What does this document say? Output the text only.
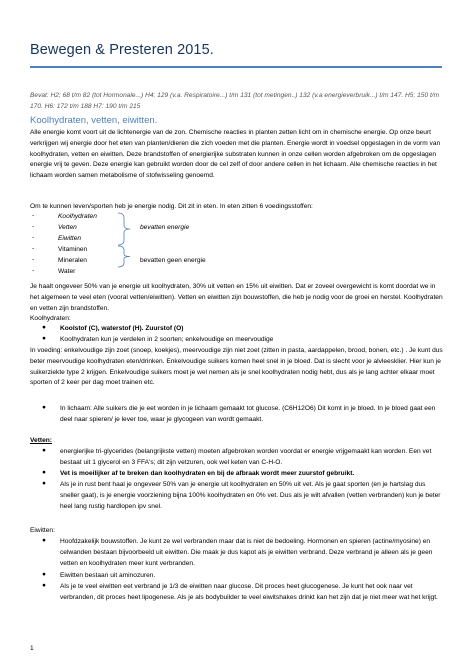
Bewegen & Presteren 2015.
Bevat: H2; 68 t/m 82 (tot Hormonale...) H4; 129 (v.a. Respiratoire...) t/m 131 (tot metingen..) 132 (v.a energieverbruik...) t/m 147. H5; 150 t/m 170. H6: 172 t/m 188 H7: 190 t/m 215
Koolhydraten, vetten, eiwitten.
Alle energie komt voort uit de lichtenergie van de zon. Chemische reacties in planten zetten licht om in chemische energie. Op onze beurt verkrijgen wij energie door het eten van planten/dieren die zich voeden met die planten. Energie wordt in voedsel opgeslagen in de vorm van koolhydraten, vetten en eiwitten. Deze brandstoffen of energierijke substraten kunnen in onze cellen worden afgebroken om de opgeslagen energie vrij te geven. Deze energie kan gebruikt worden door de cel zelf of door andere cellen in het lichaam. Alle chemische reacties in het lichaam worden samen metabolisme of stofwisseling genoemd.
Om te kunnen leven/sporten heb je energie nodig. Dit zit in eten. In eten zitten 6 voedingsstoffen:
-	Koolhydraten
-	Vetten
-	Eiwitten
-	Vitaminen
-	Mineralen
-	Water
bevatten energie
bevatten geen energie
Je haalt ongeveer 50% van je energie uit koolhydraten, 30% uit vetten en 15% uit eiwitten. Dat er zoveel overgewicht is komt doordat we in het algemeen te veel eten (vooral vetten/eiwitten). Vetten en eiwitten zijn bouwstoffen, die heb je nodig voor de groei en herstel. Koolhydraten en vetten zijn brandstoffen.
Koolhydraten:
● Koolstof (C), waterstof (H). Zuurstof (O)
● Koolhydraten kun je verdelen in 2 soorten; enkelvoudige en meervoudige
In voeding: enkelvoudige zijn zoet (snoep, koekjes), meervoudige zijn niet zoet (zitten in pasta, aardappelen, brood, bonen, etc.) . Je kunt dus beter meervoudige koolhydraten eten/drinken. Enkelvoudige suikers komen heel snel in je bloed. Dat is slecht voor je alvleesklier. Hier kun je suikerziekte type 2 krijgen. Enkelvoudige suikers moet je wel nemen als je snel koolhydraten nodig hebt, dus als je lang achter elkaar moet sporten of 2 keer per dag moet trainen etc.
● In lichaam: Alle suikers die je eet worden in je lichaam gemaakt tot glucose. (C6H12O6) Dit komt in je bloed. In je bloed gaat een deel naar spieren/ je lever toe, waar je glycogeen van wordt gemaakt.
Vetten:
● energierijke tri-glycerides (belangrijkste vetten) moeten afgebroken worden voordat er energie vrijgemaakt kan worden. Een vet bestaat uit 1 glycerol en 3 FFA's; dit zijn vetzuren, ook wel keten van C-H-O.
● Vet is moeilijker af te breken dan koolhydraten en bij de afbraak wordt meer zuurstof gebruikt.
● Als je in rust bent haal je ongeveer 50% van je energie uit koolhydraten en 50% uit vet. Als je gaat sporten (en je hartslag dus sneller gaat), is je energie voorziening bijna 100% koolhydraten en 0% vet. Dus als je wilt afvallen (vetten verbranden) kun je beter heel lang rustig hardlopen ipv snel.
Eiwitten:
● Hoofdzakelijk bouwstoffen. Je kunt ze wel verbranden maar dat is niet de bedoeling. Hormonen en spieren (actine/myosine) en celwanden bestaan bijvoorbeeld uit eiwitten. Die maak je dus kapot als je eiwitten verbrand. Deze verbrand je alleen als je geen vetten en koolhydraten meer kunt verbranden.
● Eiwitten bestaan uit aminozuren.
● Als je te veel eiwitten eet verbrand je 1/3 de eiwitten naar glucose. Dit proces heet glucogenese. Je kunt het ook naar vet verbranden, dit proces heet lipogenese. Als je als bodybuilder te veel eiwitshakes drinkt kan het zijn dat je niet meer wat het krijgt.
1
